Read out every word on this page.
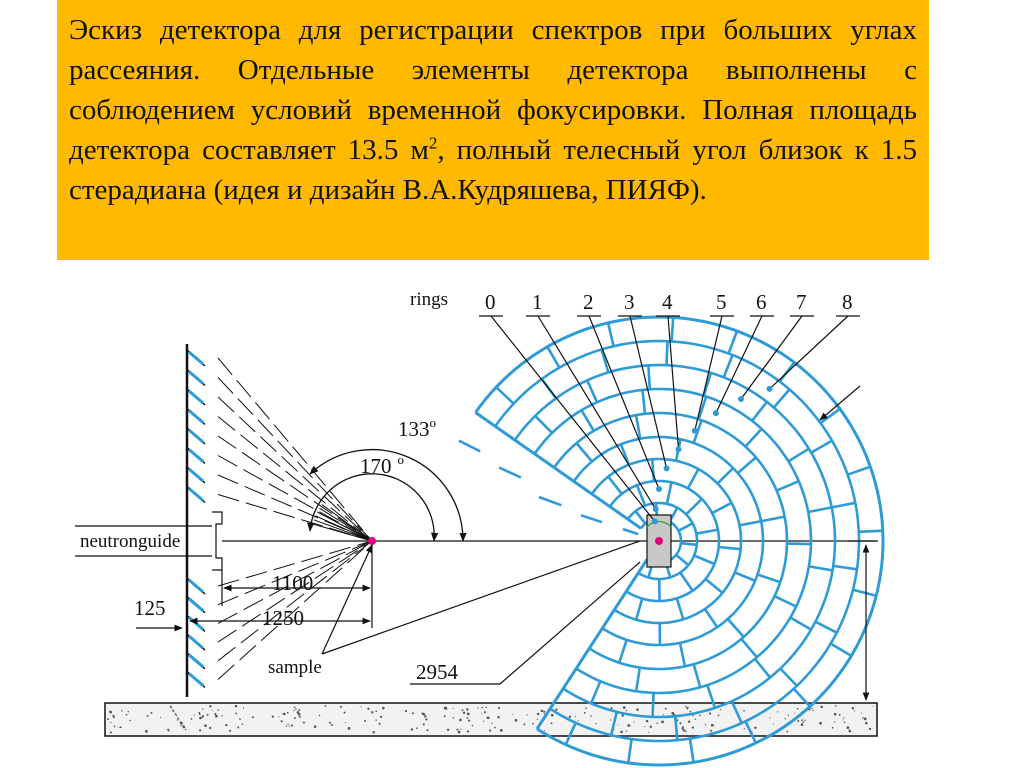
Эскиз детектора для регистрации спектров при больших углах рассеяния. Отдельные элементы детектора выполнены с соблюдением условий временной фокусировки. Полная площадь детектора составляет 13.5 $м^2$, полный телесный угол близок к 1.5 стерадиана (идея и дизайн В.А.Кудряшева, ПИЯФ).

neutronguide
133$^o$
170 $^o$
rings 0 1 2 3 4 5 6 7 8
2954
1100
1250
125
sample
